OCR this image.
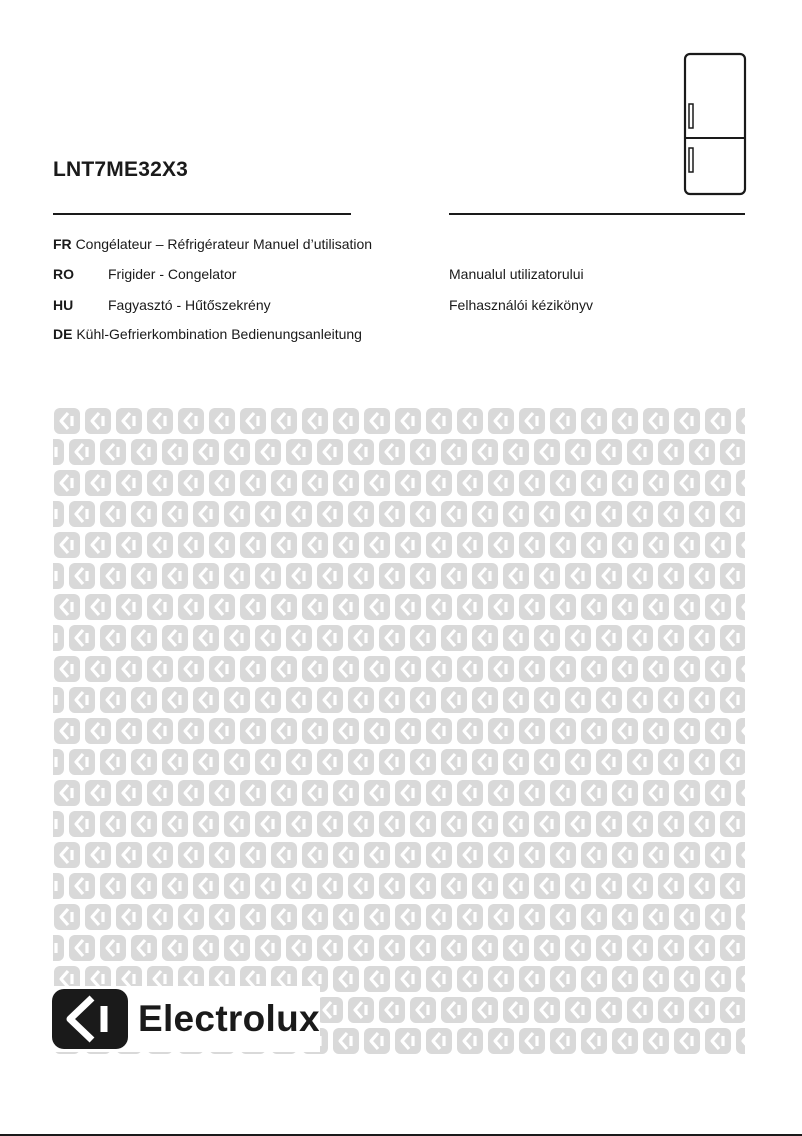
LNT7ME32X3
FR Congélateur – Réfrigérateur Manuel d’utilisation
RO Frigider - Congelator	Manualul utilizatorului
HU Fagyasztó - Hűtőszekrény	Felhasználói kézikönyv
DE Kühl-Gefrierkombination Bedienungsanleitung
Electrolux
